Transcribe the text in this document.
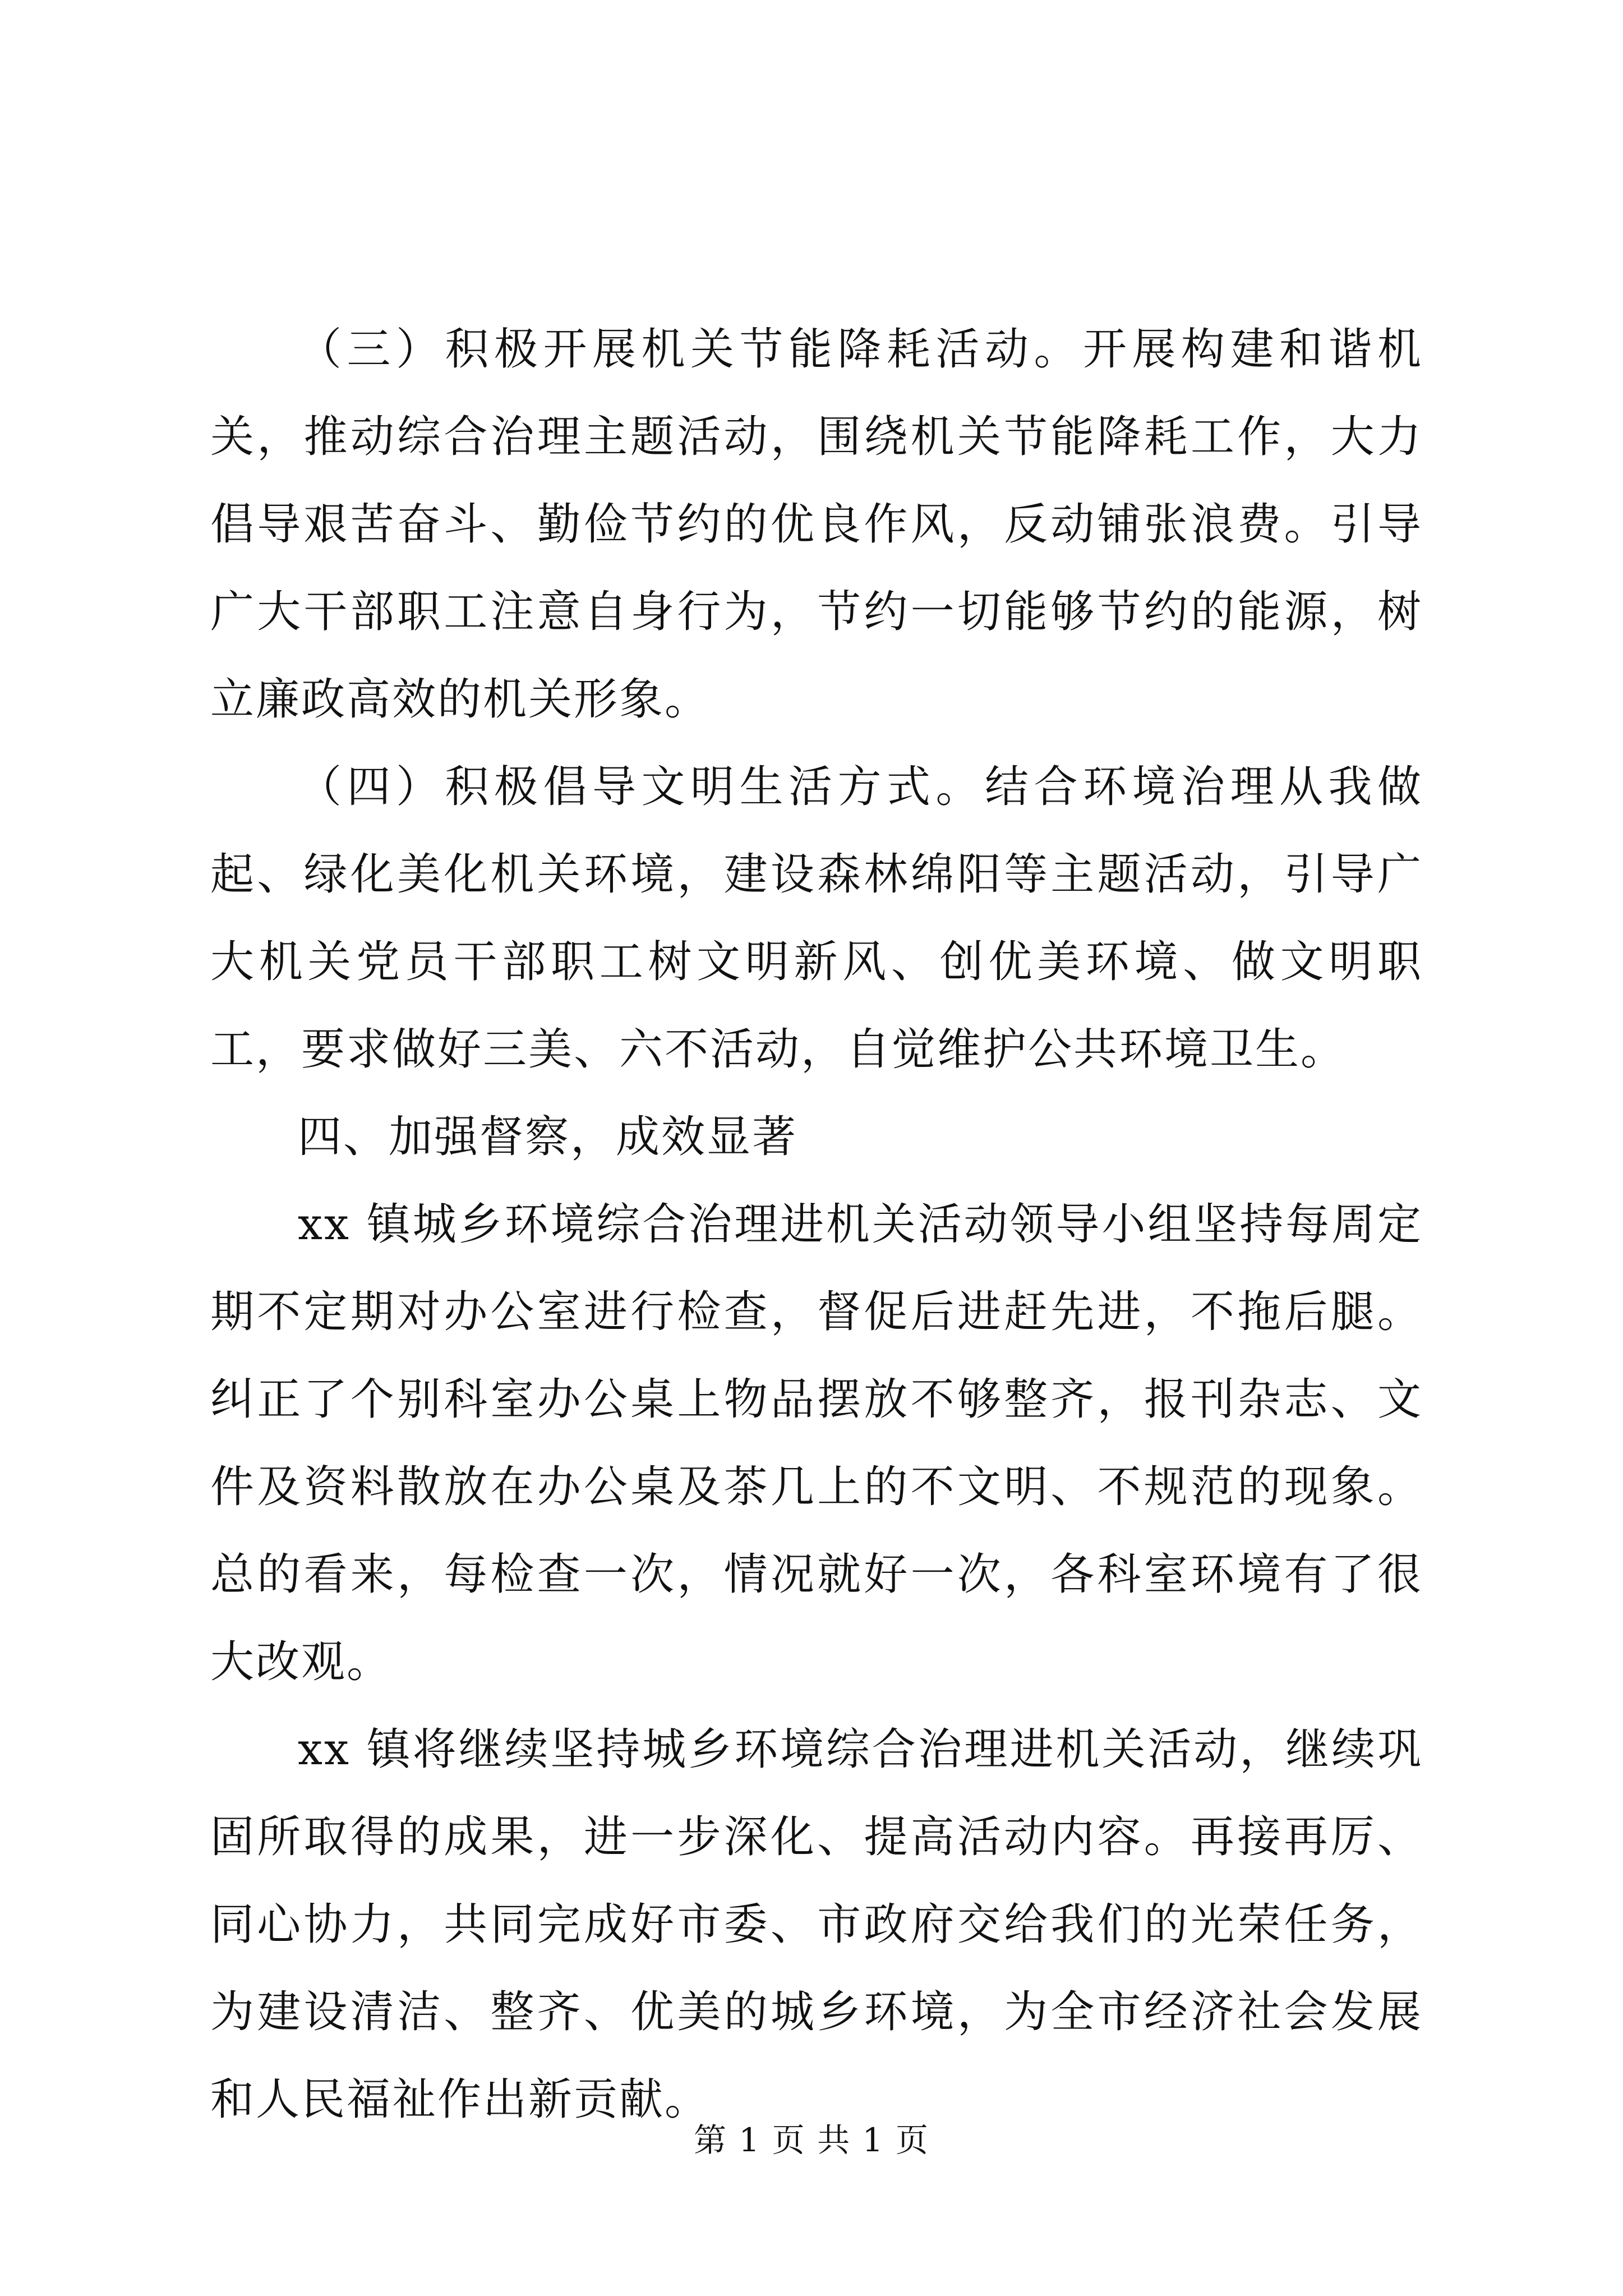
（三）积极开展机关节能降耗活动。开展构建和谐机关，推动综合治理主题活动，围绕机关节能降耗工作，大力倡导艰苦奋斗、勤俭节约的优良作风，反动铺张浪费。引导广大干部职工注意自身行为，节约一切能够节约的能源，树立廉政高效的机关形象。

（四）积极倡导文明生活方式。结合环境治理从我做起、绿化美化机关环境，建设森林绵阳等主题活动，引导广大机关党员干部职工树文明新风、创优美环境、做文明职工，要求做好三美、六不活动，自觉维护公共环境卫生。

四、加强督察，成效显著

xx 镇城乡环境综合治理进机关活动领导小组坚持每周定期不定期对办公室进行检查，督促后进赶先进，不拖后腿。纠正了个别科室办公桌上物品摆放不够整齐，报刊杂志、文件及资料散放在办公桌及茶几上的不文明、不规范的现象。总的看来，每检查一次，情况就好一次，各科室环境有了很大改观。

xx 镇将继续坚持城乡环境综合治理进机关活动，继续巩固所取得的成果，进一步深化、提高活动内容。再接再厉、同心协力，共同完成好市委、市政府交给我们的光荣任务，为建设清洁、整齐、优美的城乡环境，为全市经济社会发展和人民福祉作出新贡献。

第 1 页 共 1 页
